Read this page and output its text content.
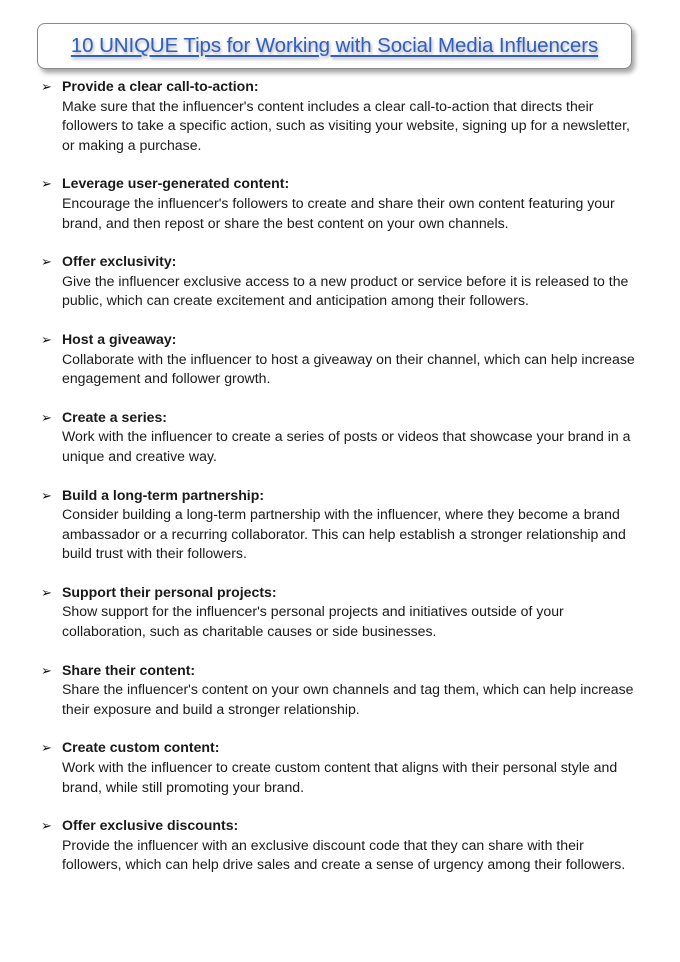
10 UNIQUE Tips for Working with Social Media Influencers
➢ Provide a clear call-to-action:
Make sure that the influencer's content includes a clear call-to-action that directs their followers to take a specific action, such as visiting your website, signing up for a newsletter, or making a purchase.
➢ Leverage user-generated content:
Encourage the influencer's followers to create and share their own content featuring your brand, and then repost or share the best content on your own channels.
➢ Offer exclusivity:
Give the influencer exclusive access to a new product or service before it is released to the public, which can create excitement and anticipation among their followers.
➢ Host a giveaway:
Collaborate with the influencer to host a giveaway on their channel, which can help increase engagement and follower growth.
➢ Create a series:
Work with the influencer to create a series of posts or videos that showcase your brand in a unique and creative way.
➢ Build a long-term partnership:
Consider building a long-term partnership with the influencer, where they become a brand ambassador or a recurring collaborator. This can help establish a stronger relationship and build trust with their followers.
➢ Support their personal projects:
Show support for the influencer's personal projects and initiatives outside of your collaboration, such as charitable causes or side businesses.
➢ Share their content:
Share the influencer's content on your own channels and tag them, which can help increase their exposure and build a stronger relationship.
➢ Create custom content:
Work with the influencer to create custom content that aligns with their personal style and brand, while still promoting your brand.
➢ Offer exclusive discounts:
Provide the influencer with an exclusive discount code that they can share with their followers, which can help drive sales and create a sense of urgency among their followers.
